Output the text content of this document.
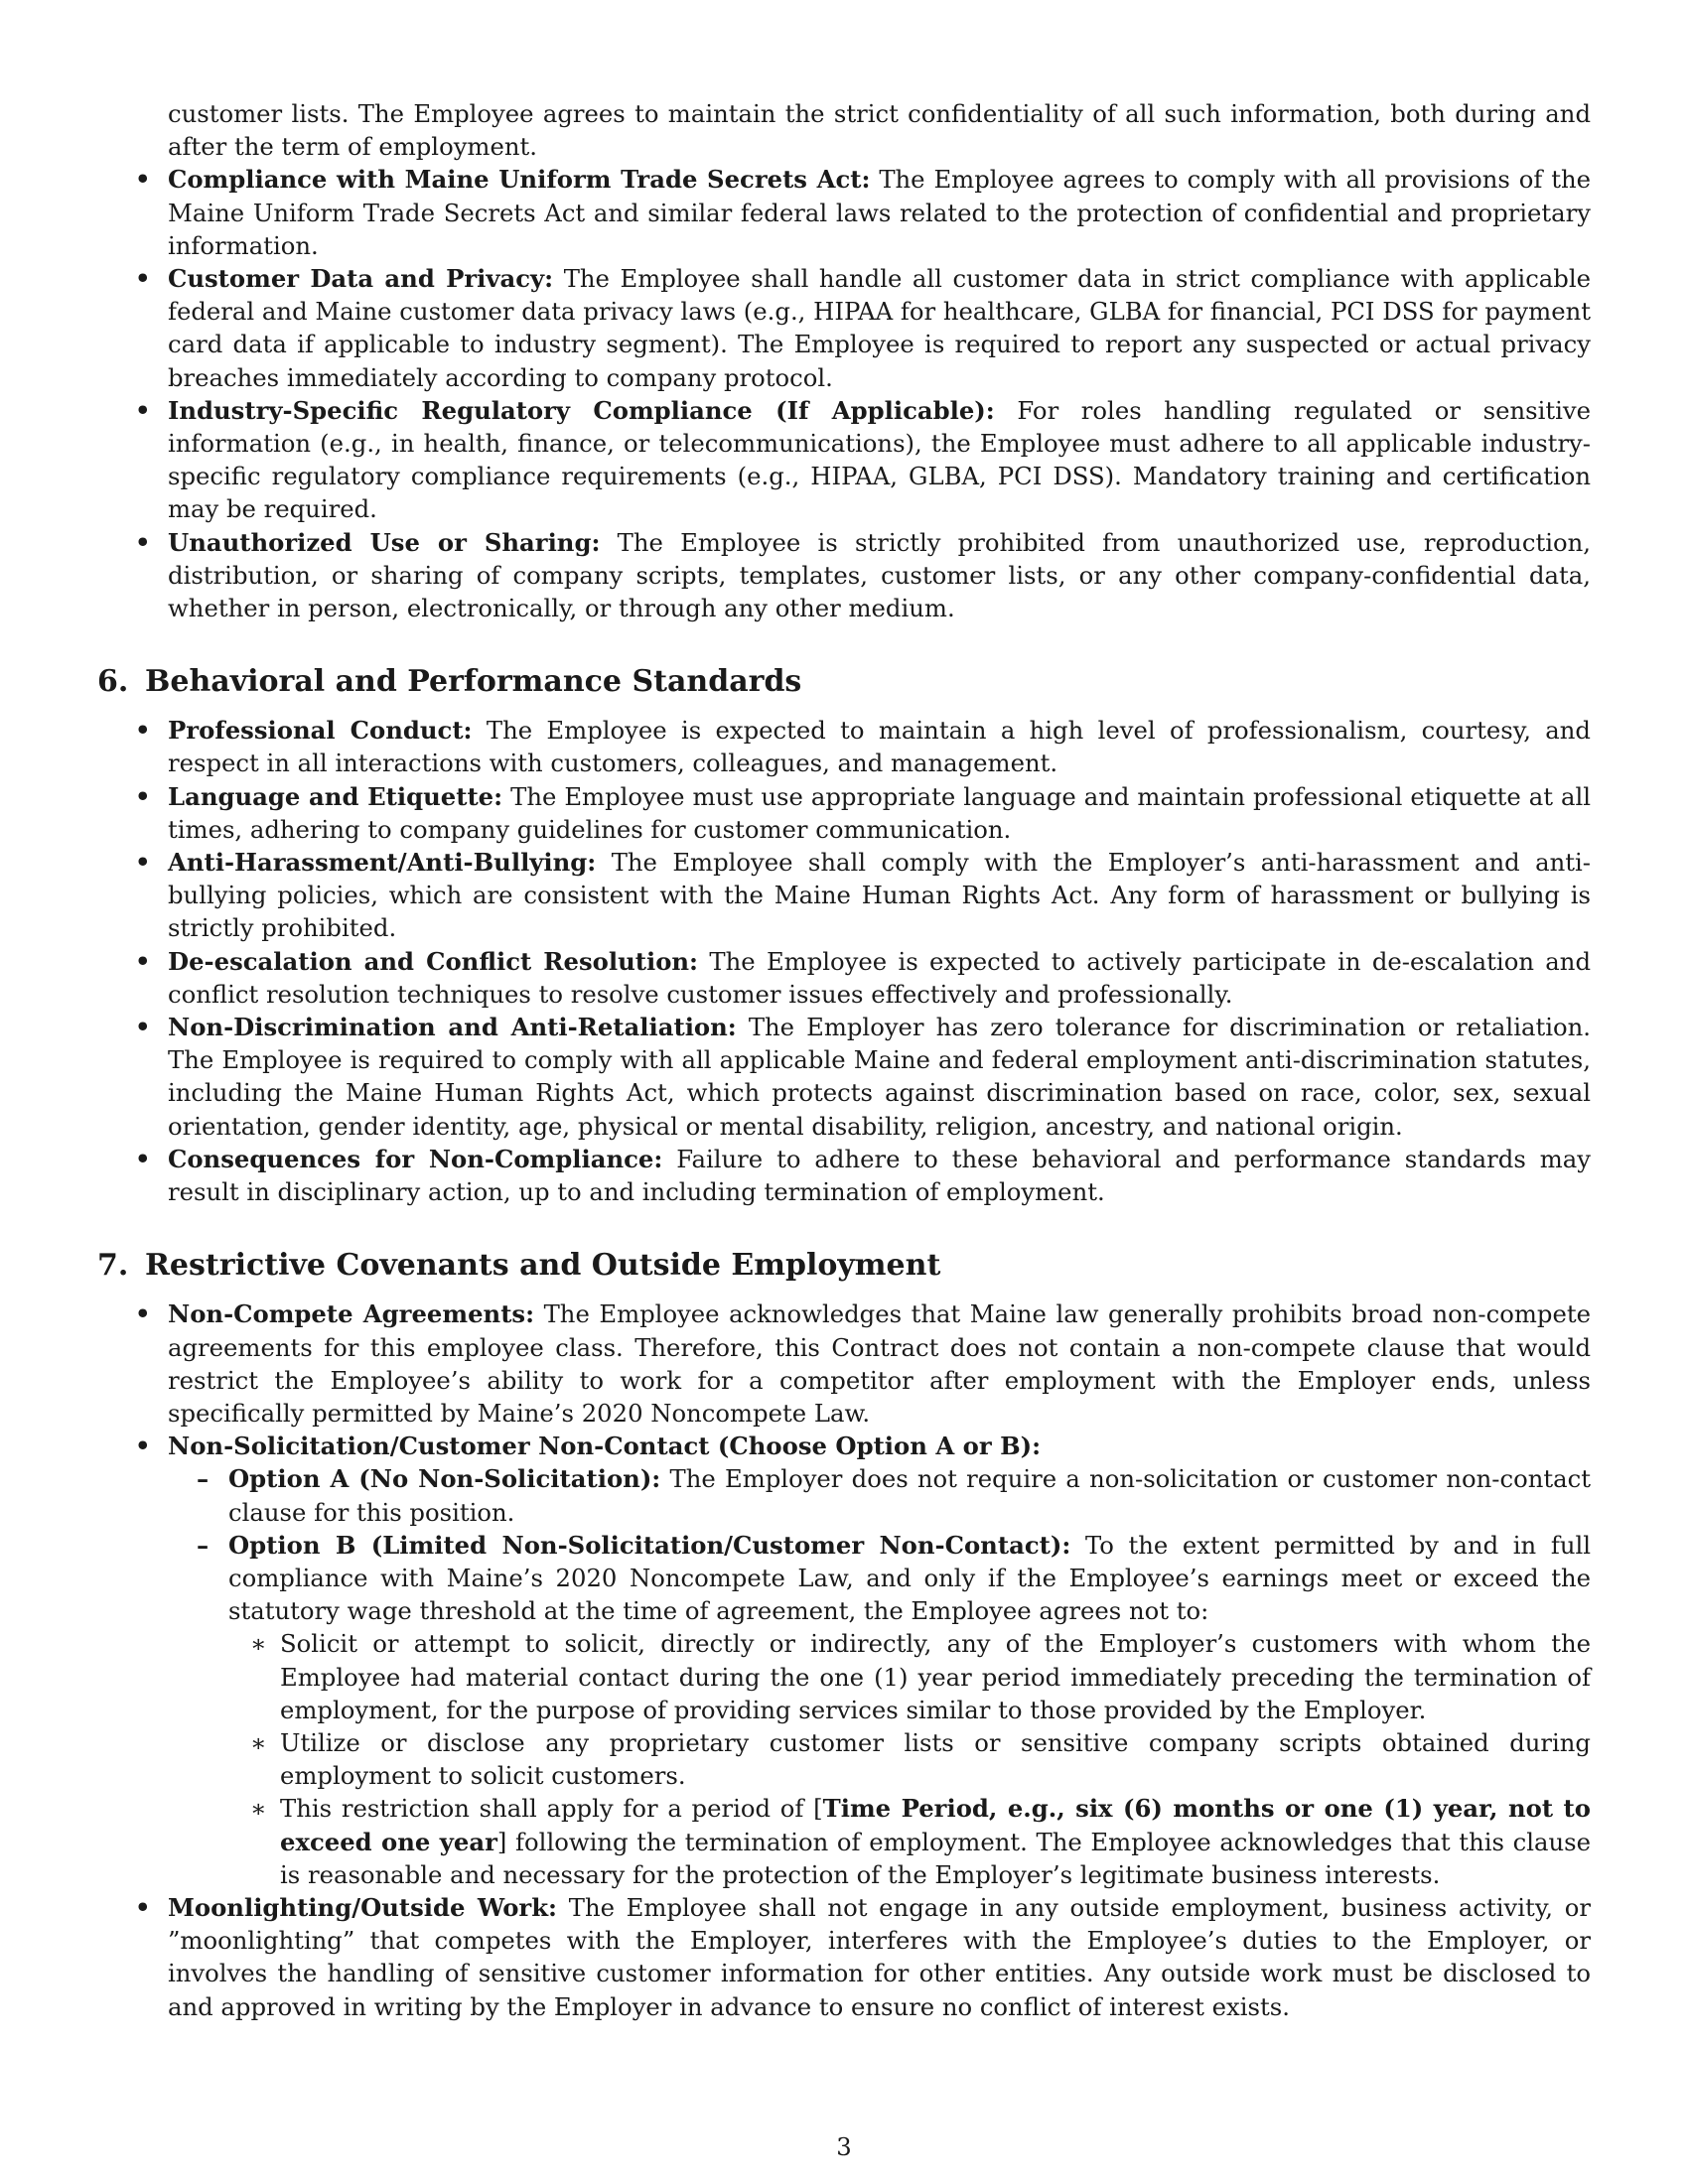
customer lists. The Employee agrees to maintain the strict confidentiality of all such information, both during and after the term of employment.

• Compliance with Maine Uniform Trade Secrets Act: The Employee agrees to comply with all provisions of the Maine Uniform Trade Secrets Act and similar federal laws related to the protection of confidential and proprietary information.
• Customer Data and Privacy: The Employee shall handle all customer data in strict compliance with applicable federal and Maine customer data privacy laws (e.g., HIPAA for healthcare, GLBA for financial, PCI DSS for payment card data if applicable to industry segment). The Employee is required to report any suspected or actual privacy breaches immediately according to company protocol.
• Industry-Specific Regulatory Compliance (If Applicable): For roles handling regulated or sensitive information (e.g., in health, finance, or telecommunications), the Employee must adhere to all applicable industry-specific regulatory compliance requirements (e.g., HIPAA, GLBA, PCI DSS). Mandatory training and certification may be required.
• Unauthorized Use or Sharing: The Employee is strictly prohibited from unauthorized use, reproduction, distribution, or sharing of company scripts, templates, customer lists, or any other company-confidential data, whether in person, electronically, or through any other medium.
6. Behavioral and Performance Standards
• Professional Conduct: The Employee is expected to maintain a high level of professionalism, courtesy, and respect in all interactions with customers, colleagues, and management.
• Language and Etiquette: The Employee must use appropriate language and maintain professional etiquette at all times, adhering to company guidelines for customer communication.
• Anti-Harassment/Anti-Bullying: The Employee shall comply with the Employer’s anti-harassment and anti-bullying policies, which are consistent with the Maine Human Rights Act. Any form of harassment or bullying is strictly prohibited.
• De-escalation and Conflict Resolution: The Employee is expected to actively participate in de-escalation and conflict resolution techniques to resolve customer issues effectively and professionally.
• Non-Discrimination and Anti-Retaliation: The Employer has zero tolerance for discrimination or retaliation. The Employee is required to comply with all applicable Maine and federal employment anti-discrimination statutes, including the Maine Human Rights Act, which protects against discrimination based on race, color, sex, sexual orientation, gender identity, age, physical or mental disability, religion, ancestry, and national origin.
• Consequences for Non-Compliance: Failure to adhere to these behavioral and performance standards may result in disciplinary action, up to and including termination of employment.
7. Restrictive Covenants and Outside Employment
• Non-Compete Agreements: The Employee acknowledges that Maine law generally prohibits broad non-compete agreements for this employee class. Therefore, this Contract does not contain a non-compete clause that would restrict the Employee’s ability to work for a competitor after employment with the Employer ends, unless specifically permitted by Maine’s 2020 Noncompete Law.
• Non-Solicitation/Customer Non-Contact (Choose Option A or B):
– Option A (No Non-Solicitation): The Employer does not require a non-solicitation or customer non-contact clause for this position.
– Option B (Limited Non-Solicitation/Customer Non-Contact): To the extent permitted by and in full compliance with Maine’s 2020 Noncompete Law, and only if the Employee’s earnings meet or exceed the statutory wage threshold at the time of agreement, the Employee agrees not to:
∗ Solicit or attempt to solicit, directly or indirectly, any of the Employer’s customers with whom the Employee had material contact during the one (1) year period immediately preceding the termination of employment, for the purpose of providing services similar to those provided by the Employer.
∗ Utilize or disclose any proprietary customer lists or sensitive company scripts obtained during employment to solicit customers.
∗ This restriction shall apply for a period of [Time Period, e.g., six (6) months or one (1) year, not to exceed one year] following the termination of employment. The Employee acknowledges that this clause is reasonable and necessary for the protection of the Employer’s legitimate business interests.
• Moonlighting/Outside Work: The Employee shall not engage in any outside employment, business activity, or ”moonlighting” that competes with the Employer, interferes with the Employee’s duties to the Employer, or involves the handling of sensitive customer information for other entities. Any outside work must be disclosed to and approved in writing by the Employer in advance to ensure no conflict of interest exists.
3
